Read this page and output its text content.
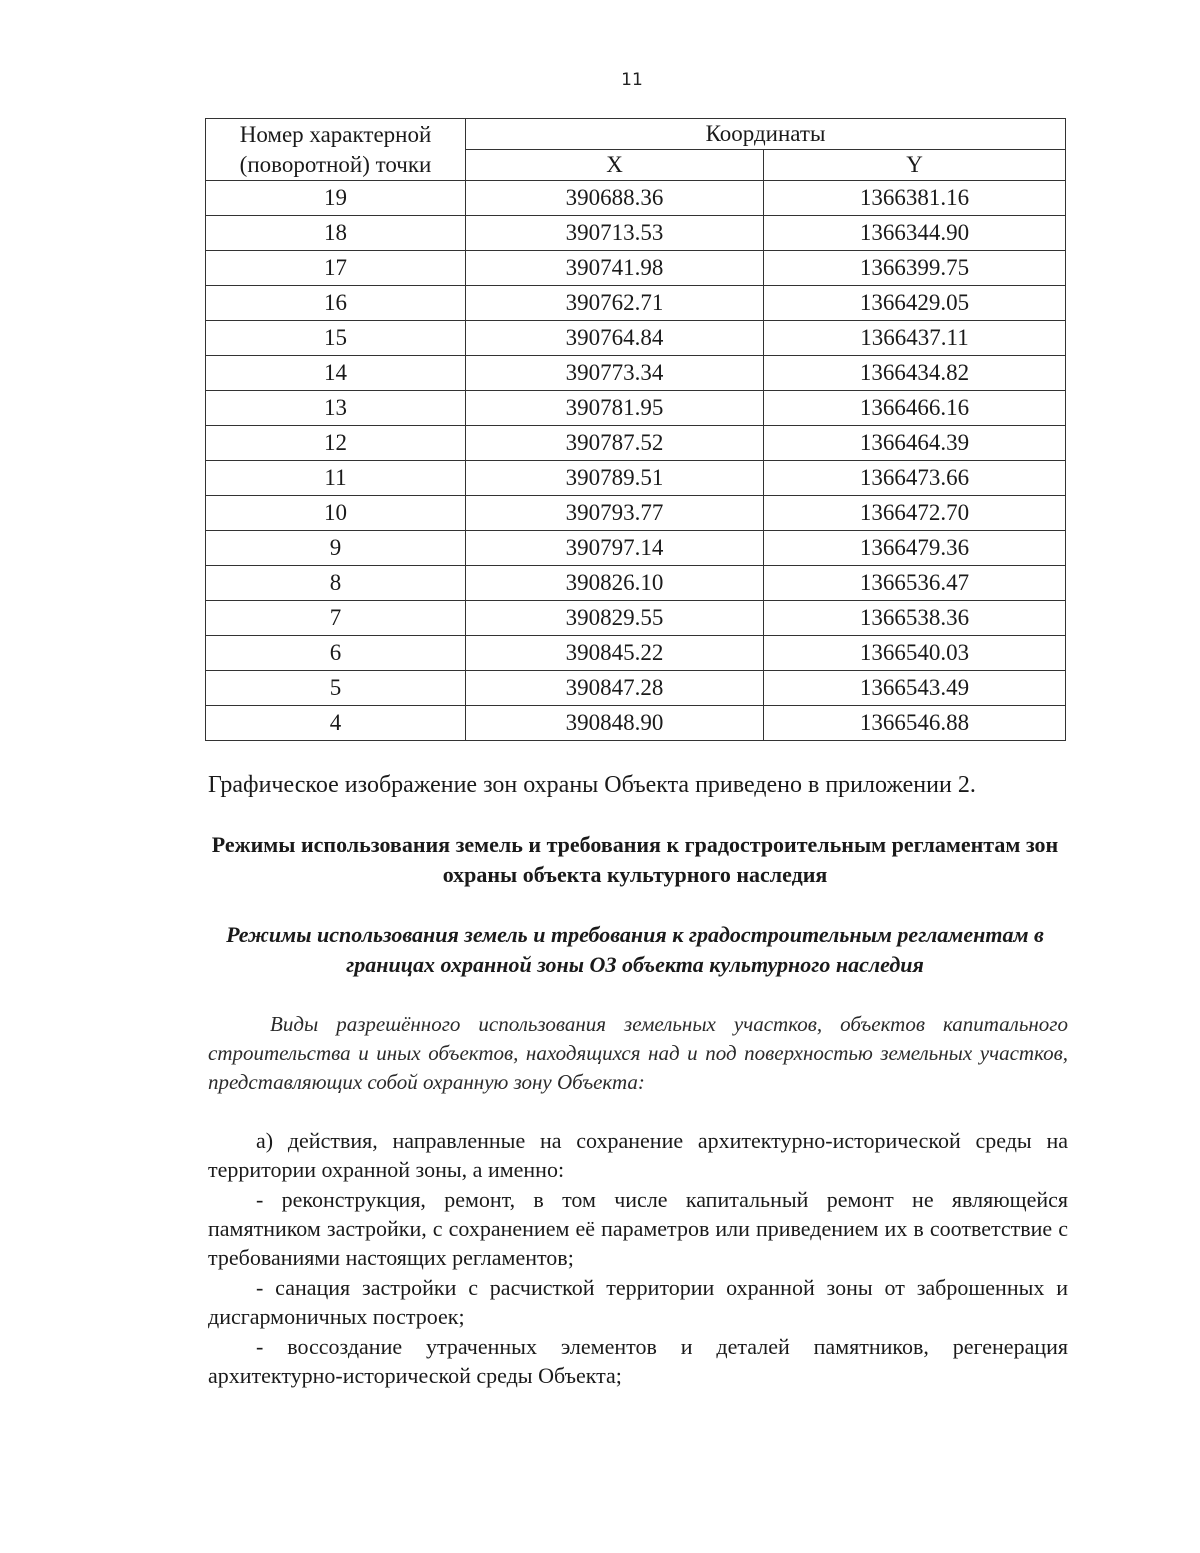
11
Номер характерной (поворотной) точки	Координаты	
	X	Y
19	390688.36	1366381.16
18	390713.53	1366344.90
17	390741.98	1366399.75
16	390762.71	1366429.05
15	390764.84	1366437.11
14	390773.34	1366434.82
13	390781.95	1366466.16
12	390787.52	1366464.39
11	390789.51	1366473.66
10	390793.77	1366472.70
9	390797.14	1366479.36
8	390826.10	1366536.47
7	390829.55	1366538.36
6	390845.22	1366540.03
5	390847.28	1366543.49
4	390848.90	1366546.88
Графическое изображение зон охраны Объекта приведено в приложении 2.
Режимы использования земель и требования к градостроительным регламентам зон охраны объекта культурного наследия
Режимы использования земель и требования к градостроительным регламентам в границах охранной зоны ОЗ объекта культурного наследия
Виды разрешённого использования земельных участков, объектов капитального строительства и иных объектов, находящихся над и под поверхностью земельных участков, представляющих собой охранную зону Объекта:
а) действия, направленные на сохранение архитектурно-исторической среды на территории охранной зоны, а именно:
- реконструкция, ремонт, в том числе капитальный ремонт не являющейся памятником застройки, с сохранением её параметров или приведением их в соответствие с требованиями настоящих регламентов;
- санация застройки с расчисткой территории охранной зоны от заброшенных и дисгармоничных построек;
- воссоздание утраченных элементов и деталей памятников, регенерация архитектурно-исторической среды Объекта;
